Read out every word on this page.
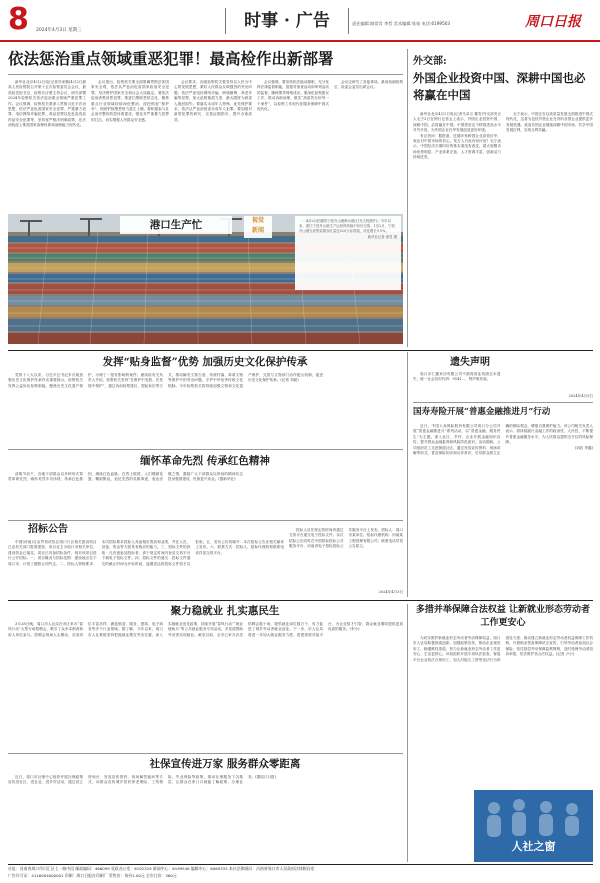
8 2024年4月3日 星期三	时事 · 广告	责任编辑:路常青 李哲 美术编辑:张灿 电话:6199503	周口日报
依法惩治重点领域重恶犯罪！最高检作出新部署

新华社北京4月2日电(记者冯家顺)4月2日最高人民检察院召开第十五次检察委员会会议，最高检党组书记、检察长应勇主持会议，研究部署2024年检察机关依法惩治重点领域严重犯罪工作。会议强调，检察机关要深入贯彻习近平法治思想，依法严惩危害国家安全犯罪、严重暴力犯罪、电信网络诈骗犯罪、毒品犯罪以及危害食品药品安全犯罪等，坚持宽严相济刑事政策，在法治轨道上推进国家治理体系和治理能力现代化。

会议指出，检察机关要全面准确贯彻总体国家安全观，依法从严惩治危害国家政治安全犯罪，坚决维护国家安全和社会大局稳定。要依法惩治涉黑涉恶犯罪，推进扫黑除恶常态化，聚焦重点行业领域持续深化整治，深挖彻查“保护伞”，彻底铲除黑恶势力滋生土壤。要积极参与社会治安整体防控体系建设，强化对严重暴力犯罪的打击，切实增强人民群众安全感。

会议要求，各级检察机关要坚持以人民为中心的发展思想，紧盯人民群众反映强烈的突出问题，依法严惩电信网络诈骗、跨境赌博、养老诈骗等犯罪，加大追赃挽损力度，最大限度为被害人挽回损失。要落实未成年人特殊、优先保护要求，依法从严惩治侵害未成年人犯罪。要加强对新型犯罪的研究，完善证据指引，提升办案质效。

会议强调，要坚持依法能动履职，充分发挥法律监督职能，加强对侦查活动和审判活动的监督，确保罪责刑相适应。要深化检察建议工作，推动诉源治理，做实“高质效办好每一个案件”，以检察工作现代化服务保障中国式现代化。

会议还研究了其他事项。最高检副检察长、检委会委员出席会议。

港口生产忙	视觉
新闻
4月2日拍摄的宁波舟山港梅山港区(无人机照片)。今年以来，浙江宁波舟山港生产运营保持稳中向好态势。1至2月，宁波舟山港完成集装箱吞吐量近620万标准箱，同比增长9.5%。
新华社记者 徐昱 摄
外交部:
外国企业投资中国、深耕中国也必将赢在中国

新华社北京4月2日电(记者马卓言 董雪)外交部发言人毛宁2日在例行记者会上表示，外国企业投资中国、深耕中国，必将赢在中国。中国将坚定不移推进高水平对外开放，为外国企业在华发展创造更好环境。

有记者问：据报道，近期多家跨国企业高管访华，表达对中国市场的信心。发言人对此有何评论？毛宁表示，中国经济长期向好的基本面没有改变，超大规模市场优势明显，产业体系完备，人才资源丰富，创新活力持续迸发。

毛宁表示，中国正在以高质量发展全面推进中国式现代化，这将为包括外资企业在内的各国企业提供更多发展机遇。欢迎各国企业继续深耕中国市场，共享中国发展红利，实现互利共赢。

发挥“贴身监督”优势 加强历史文化保护传承

党的十八大以来，习近平总书记多次就加强历史文化保护传承作出重要指示。检察机关发挥公益诉讼检察职能，聚焦历史文化遗产保护，办理了一批有影响的案件。最高检有关负责人介绍，检察机关坚持“在保护中发展、在发展中保护”，通过诉前检察建议、提起诉讼等方式，推动解决文物古迹、传统村落、革命文物等保护中的突出问题，守护中华优秀传统文化根脉。今年检察机关将持续加强文物和文化遗产保护，完善与文物部门协作配合机制，促进历史文化保护传承。(记者 刘硕)

缅怀革命先烈 传承红色精神

清明节前夕，各地干部群众以多种形式祭奠革命先烈，缅怀英烈丰功伟绩，传承红色基因，赓续红色血脉。在烈士陵园，人们敬献花篮、鞠躬默哀，追忆先烈的英雄事迹，表达崇敬之情，激励广大干部群众以昂扬的精神状态投身强国建设、民族复兴伟业。(据新华社)

遗失声明

周口市仁鑫家纺有限公司不慎将营业执照正本遗失，统一社会信用代码：9141...，特声明作废。

2024年4月3日
国寿寿险开展“普惠金融推进月”行动

近日，中国人寿保险股份有限公司周口分公司开展“普惠金融推进月”系列活动，以“普惠金融，服务民生”为主题，深入社区、乡村、企业开展金融知识宣传，提升群众金融素养和风险防范意识。活动期间，公司组织员工走进街道社区，通过发放宣传资料、现场讲解等形式，普及保险知识和反诈常识，引导群众树立正确的保险观念，增强自我保护能力。该公司相关负责人表示，将持续践行金融工作的政治性、人民性，不断提升普惠金融服务水平，为人民群众提供全方位的风险保障。

(刘岩 李鑫)

招标公告

中国(河南)自由贸易试验区周口片区相关建设项目已由有关部门批准建设，项目业主为周口市相关单位，建设资金已落实，项目已具备招标条件，现对该项目进行公开招标。一、项目概况与招标范围：建设地点位于周口市，计划工期按合同约定。二、投标人资格要求：本次招标要求投标人具备相应资质和业绩，并在人员、设备、资金等方面具有相应的能力。三、招标文件的获取：凡有意参加投标者，请于规定时间内登录交易平台下载电子招标文件。四、投标文件的递交：投标文件递交的截止时间为开标时间，逾期送达的投标文件将予以拒收。五、发布公告的媒介：本次招标公告在相关媒体上发布。六、联系方式：招标人、招标代理机构联系电话详见交易平台。

投标人应在规定的时间内通过交易平台递交电子投标文件。本次招标公告同时在中国招标投标公共服务平台、河南省电子招标投标公共服务平台上发布。招标人：周口市某单位；招标代理机构：河南某工程管理有限公司；联系电话详见公告原文。

2024年4月3日
聚力稳就业 扎实惠民生

3月28日晚，周口市人社局在市区举办“春风行动”大型专场招聘会，吸引了众多求职者和用人单位参与。招聘会现场人头攒动，各类岗位丰富多样，涵盖制造、服务、建筑、电子商务等多个行业领域。据了解，今年以来，周口市人社系统坚持把稳就业摆在突出位置，深入实施就业优先政策，持续开展“春风行动”“就业援助月”等公共就业服务专项活动，多渠道帮助劳动者实现就业。截至目前，全市已举办各类招聘会数十场，提供就业岗位数万个，有力促进了城乡劳动者就业创业。下一步，市人社局将进一步加大就业服务力度，搭建供需对接平台，为企业招才引智、群众就业增收提供更加优质的服务。(李小)

社保宣传进万家 服务群众零距离

近日，周口市社保中心组织开展社保政策宣传进社区、进企业、进乡村活动，通过设立咨询台、发放宣传资料、现场解答疑问等方式，向群众宣传城乡居民养老保险、工伤保险、失业保险等政策，推动社保服务下沉基层，让群众在家门口就能了解政策、办理业务。(据周口日报)

多措并举保障合法权益 让新就业形态劳动者工作更安心

为切实维护新就业形态劳动者劳动保障权益，周口市人社局积极探索创新，加强政策宣传，推动企业规范用工，畅通维权渠道，努力让新就业形态劳动者工作更安心、生活更舒心。该局组织开展专项执法检查，督促平台企业依法合规用工，加大对拖欠工资等违法行为的查处力度；推动建立新就业形态劳动者权益保障工作机制，开展职业伤害保障试点宣传，引导劳动者参加社会保险；依托基层劳动保障监察网格，及时受理劳动者投诉举报，依法维护其合法权益。(记者 卢小)

人社之窗
社址：河南省周口市川汇区七一路中段 邮政编码：466099 党政办公室：6192329 新闻中心：6199548 编辑中心：6069333 本社法律顾问：河南省周口市人民政府法律顾问室
广告许可证：4116004000001 印刷：周口日报社印刷厂 零售价：每份1.00元 全年订价：360元
